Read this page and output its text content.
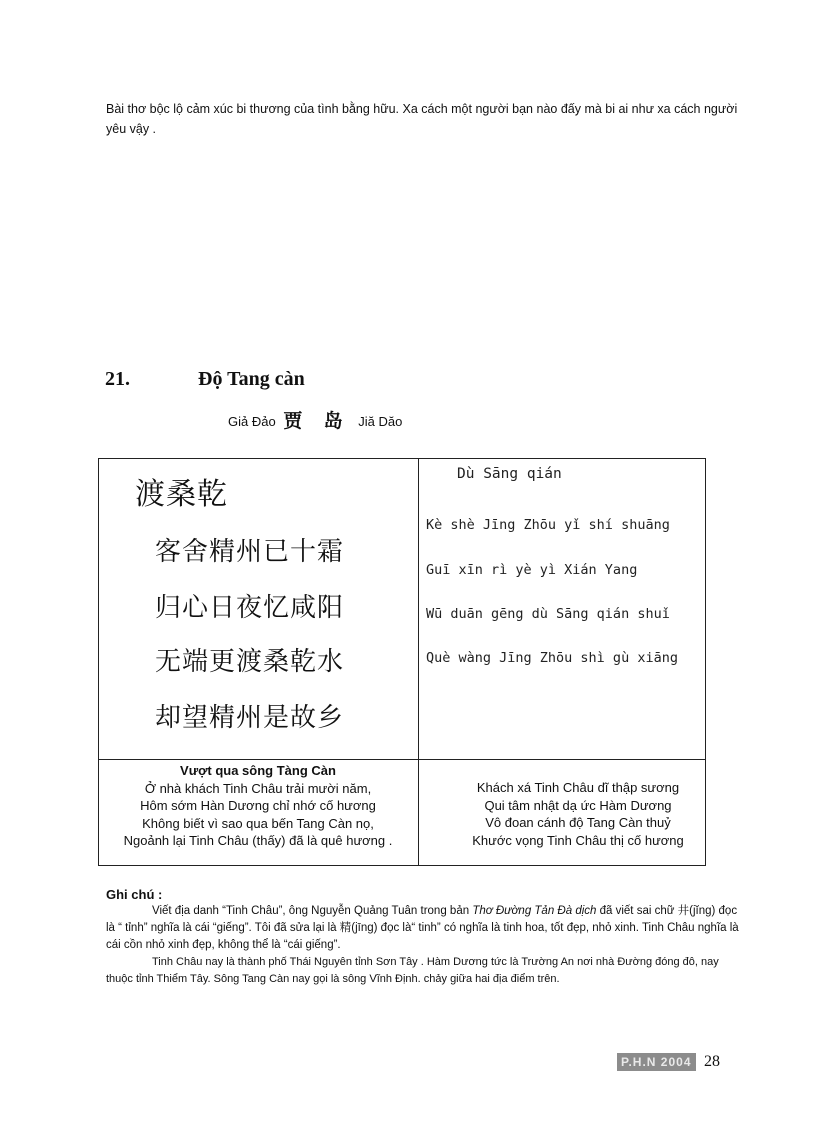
Bài thơ bộc lộ cảm xúc bi thương của tình bằng hữu. Xa cách một người bạn nào đấy mà bi ai như xa cách người yêu vậy .
21.	Độ Tang càn
Giả Đảo 贾 岛 Jiă Dăo
渡桑乾
客舍精州已十霜
归心日夜忆咸阳
无端更渡桑乾水
却望精州是故乡
Dù Sāng qián
Kè shè Jīng Zhōu yǐ shí shuāng
Guī xīn rì yè yì Xián Yang
Wū duān gēng dù Sāng qián shuǐ
Què wàng Jīng Zhōu shì gù xiāng
Vượt qua sông Tàng Càn
Ở nhà khách Tinh Châu trải mười năm,
Hôm sớm Hàn Dương chỉ nhớ cố hương
Không biết vì sao qua bến Tang Càn nọ,
Ngoảnh lại Tinh Châu (thấy) đã là quê hương .
Khách xá Tinh Châu dĩ thập sương
Qui tâm nhật dạ ức Hàm Dương
Vô đoan cánh độ Tang Càn thuỷ
Khước vọng Tinh Châu thị cố hương
Ghi chú :

Viết địa danh “Tinh Châu”, ông Nguyễn Quảng Tuân trong bản Thơ Đường Tản Đà dịch đã viết sai chữ 井(jĭng) đọc là “ tỉnh” nghĩa là cái “giếng”. Tôi đã sửa lại là 精(jīng) đọc là“ tinh” có nghĩa là tinh hoa, tốt đẹp, nhỏ xinh. Tinh Châu nghĩa là cái cồn nhỏ xinh đẹp, không thể là “cái giếng”.

Tinh Châu nay là thành phố Thái Nguyên tỉnh Sơn Tây . Hàm Dương tức là Trường An nơi nhà Đường đóng đô, nay thuộc tỉnh Thiểm Tây. Sông Tang Càn nay gọi là sông Vĩnh Định. chảy giữa hai địa điểm trên.

P.H.N 2004 28
